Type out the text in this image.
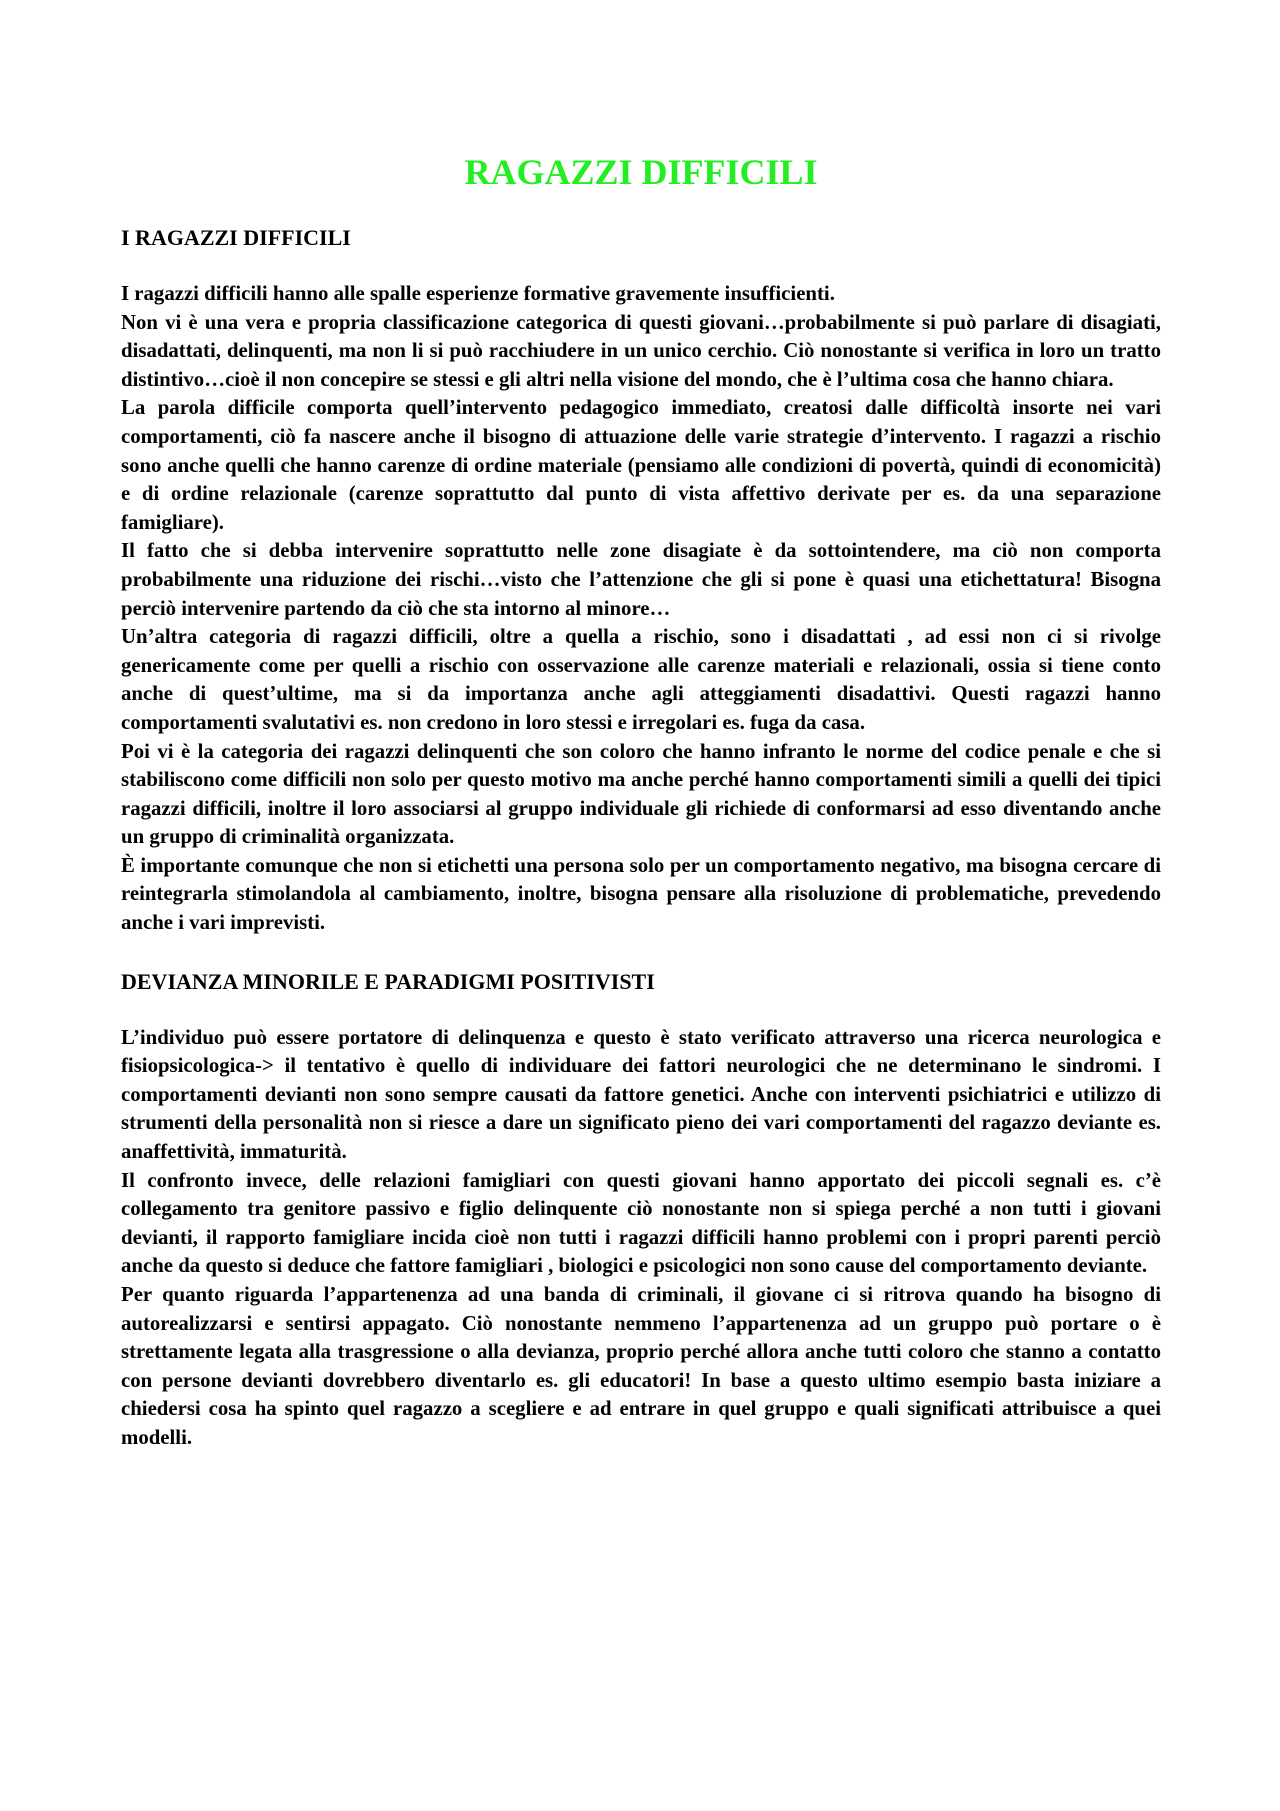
RAGAZZI DIFFICILI
I RAGAZZI DIFFICILI

I ragazzi difficili hanno alle spalle esperienze formative gravemente insufficienti.

Non vi è una vera e propria classificazione categorica di questi giovani…probabilmente si può parlare di disagiati, disadattati, delinquenti, ma non li si può racchiudere in un unico cerchio. Ciò nonostante si verifica in loro un tratto distintivo…cioè il non concepire se stessi e gli altri nella visione del mondo, che è l’ultima cosa che hanno chiara.

La parola difficile comporta quell’intervento pedagogico immediato, creatosi dalle difficoltà insorte nei vari comportamenti, ciò fa nascere anche il bisogno di attuazione delle varie strategie d’intervento. I ragazzi a rischio sono anche quelli che hanno carenze di ordine materiale (pensiamo alle condizioni di povertà, quindi di economicità) e di ordine relazionale (carenze soprattutto dal punto di vista affettivo derivate per es. da una separazione famigliare).

Il fatto che si debba intervenire soprattutto nelle zone disagiate è da sottointendere, ma ciò non comporta probabilmente una riduzione dei rischi…visto che l’attenzione che gli si pone è quasi una etichettatura! Bisogna perciò intervenire partendo da ciò che sta intorno al minore…

Un’altra categoria di ragazzi difficili, oltre a quella a rischio, sono i disadattati , ad essi non ci si rivolge genericamente come per quelli a rischio con osservazione alle carenze materiali e relazionali, ossia si tiene conto anche di quest’ultime, ma si da importanza anche agli atteggiamenti disadattivi. Questi ragazzi hanno comportamenti svalutativi es. non credono in loro stessi e irregolari es. fuga da casa.

Poi vi è la categoria dei ragazzi delinquenti che son coloro che hanno infranto le norme del codice penale e che si stabiliscono come difficili non solo per questo motivo ma anche perché hanno comportamenti simili a quelli dei tipici ragazzi difficili, inoltre il loro associarsi al gruppo individuale gli richiede di conformarsi ad esso diventando anche un gruppo di criminalità organizzata.

È importante comunque che non si etichetti una persona solo per un comportamento negativo, ma bisogna cercare di reintegrarla stimolandola al cambiamento, inoltre, bisogna pensare alla risoluzione di problematiche, prevedendo anche i vari imprevisti.

DEVIANZA MINORILE E PARADIGMI POSITIVISTI

L’individuo può essere portatore di delinquenza e questo è stato verificato attraverso una ricerca neurologica e fisiopsicologica-> il tentativo è quello di individuare dei fattori neurologici che ne determinano le sindromi. I comportamenti devianti non sono sempre causati da fattore genetici. Anche con interventi psichiatrici e utilizzo di strumenti della personalità non si riesce a dare un significato pieno dei vari comportamenti del ragazzo deviante es. anaffettività, immaturità.

Il confronto invece, delle relazioni famigliari con questi giovani hanno apportato dei piccoli segnali es. c’è collegamento tra genitore passivo e figlio delinquente ciò nonostante non si spiega perché a non tutti i giovani devianti, il rapporto famigliare incida cioè non tutti i ragazzi difficili hanno problemi con i propri parenti perciò anche da questo si deduce che fattore famigliari , biologici e psicologici non sono cause del comportamento deviante.

Per quanto riguarda l’appartenenza ad una banda di criminali, il giovane ci si ritrova quando ha bisogno di autorealizzarsi e sentirsi appagato. Ciò nonostante nemmeno l’appartenenza ad un gruppo può portare o è strettamente legata alla trasgressione o alla devianza, proprio perché allora anche tutti coloro che stanno a contatto con persone devianti dovrebbero diventarlo es. gli educatori! In base a questo ultimo esempio basta iniziare a chiedersi cosa ha spinto quel ragazzo a scegliere e ad entrare in quel gruppo e quali significati attribuisce a quei modelli.
